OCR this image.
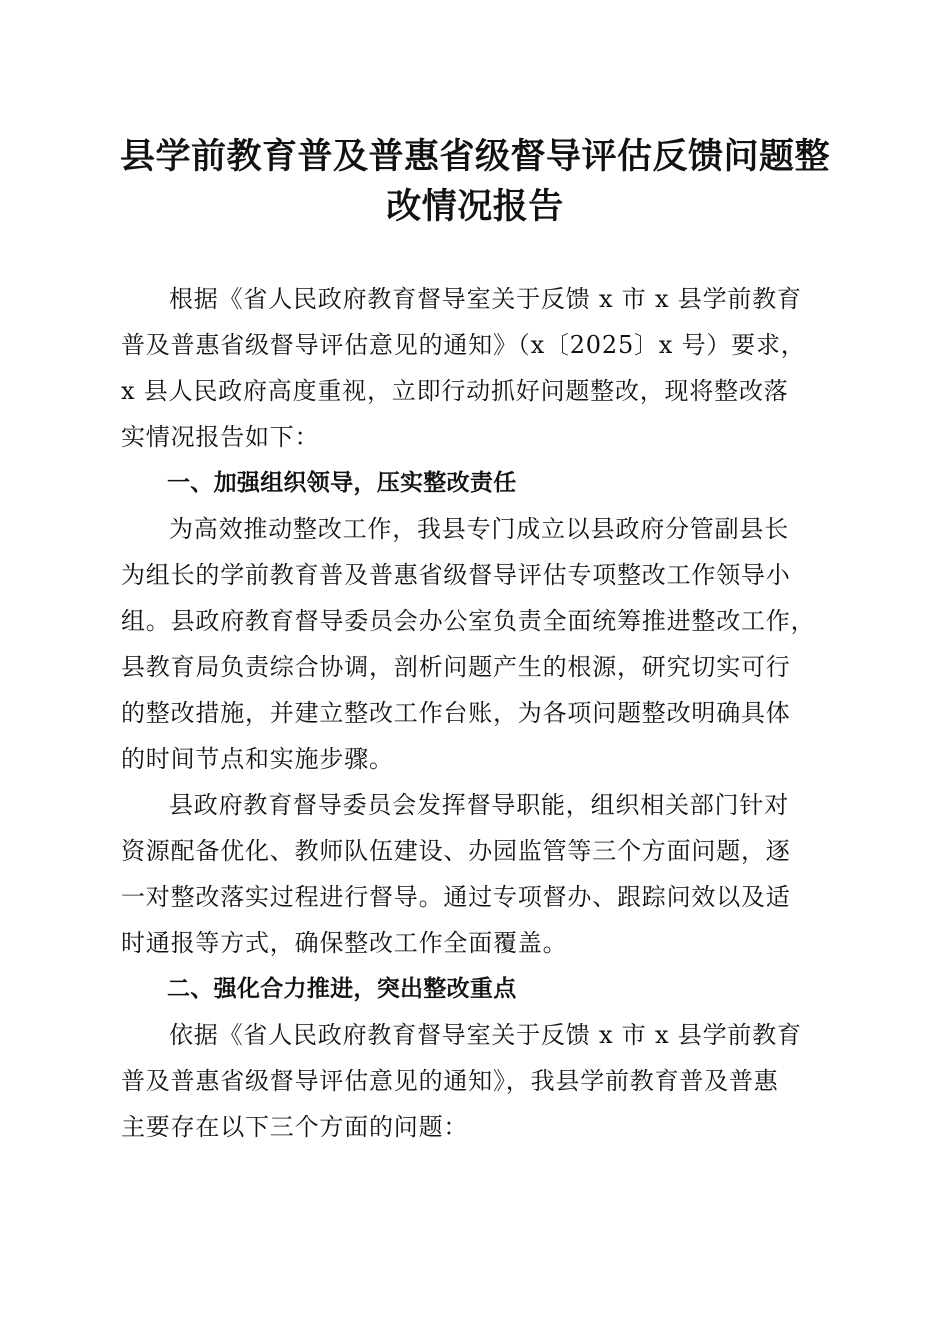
县学前教育普及普惠省级督导评估反馈问题整
改情况报告

根据《省人民政府教育督导室关于反馈 x 市 x 县学前教育
普及普惠省级督导评估意见的通知》（x〔2025〕x 号）要求，
x 县人民政府高度重视，立即行动抓好问题整改，现将整改落
实情况报告如下：

一、加强组织领导，压实整改责任

为高效推动整改工作，我县专门成立以县政府分管副县长
为组长的学前教育普及普惠省级督导评估专项整改工作领导小
组。县政府教育督导委员会办公室负责全面统筹推进整改工作，
县教育局负责综合协调，剖析问题产生的根源，研究切实可行
的整改措施，并建立整改工作台账，为各项问题整改明确具体
的时间节点和实施步骤。

县政府教育督导委员会发挥督导职能，组织相关部门针对
资源配备优化、教师队伍建设、办园监管等三个方面问题，逐
一对整改落实过程进行督导。通过专项督办、跟踪问效以及适
时通报等方式，确保整改工作全面覆盖。

二、强化合力推进，突出整改重点

依据《省人民政府教育督导室关于反馈 x 市 x 县学前教育
普及普惠省级督导评估意见的通知》，我县学前教育普及普惠
主要存在以下三个方面的问题：
